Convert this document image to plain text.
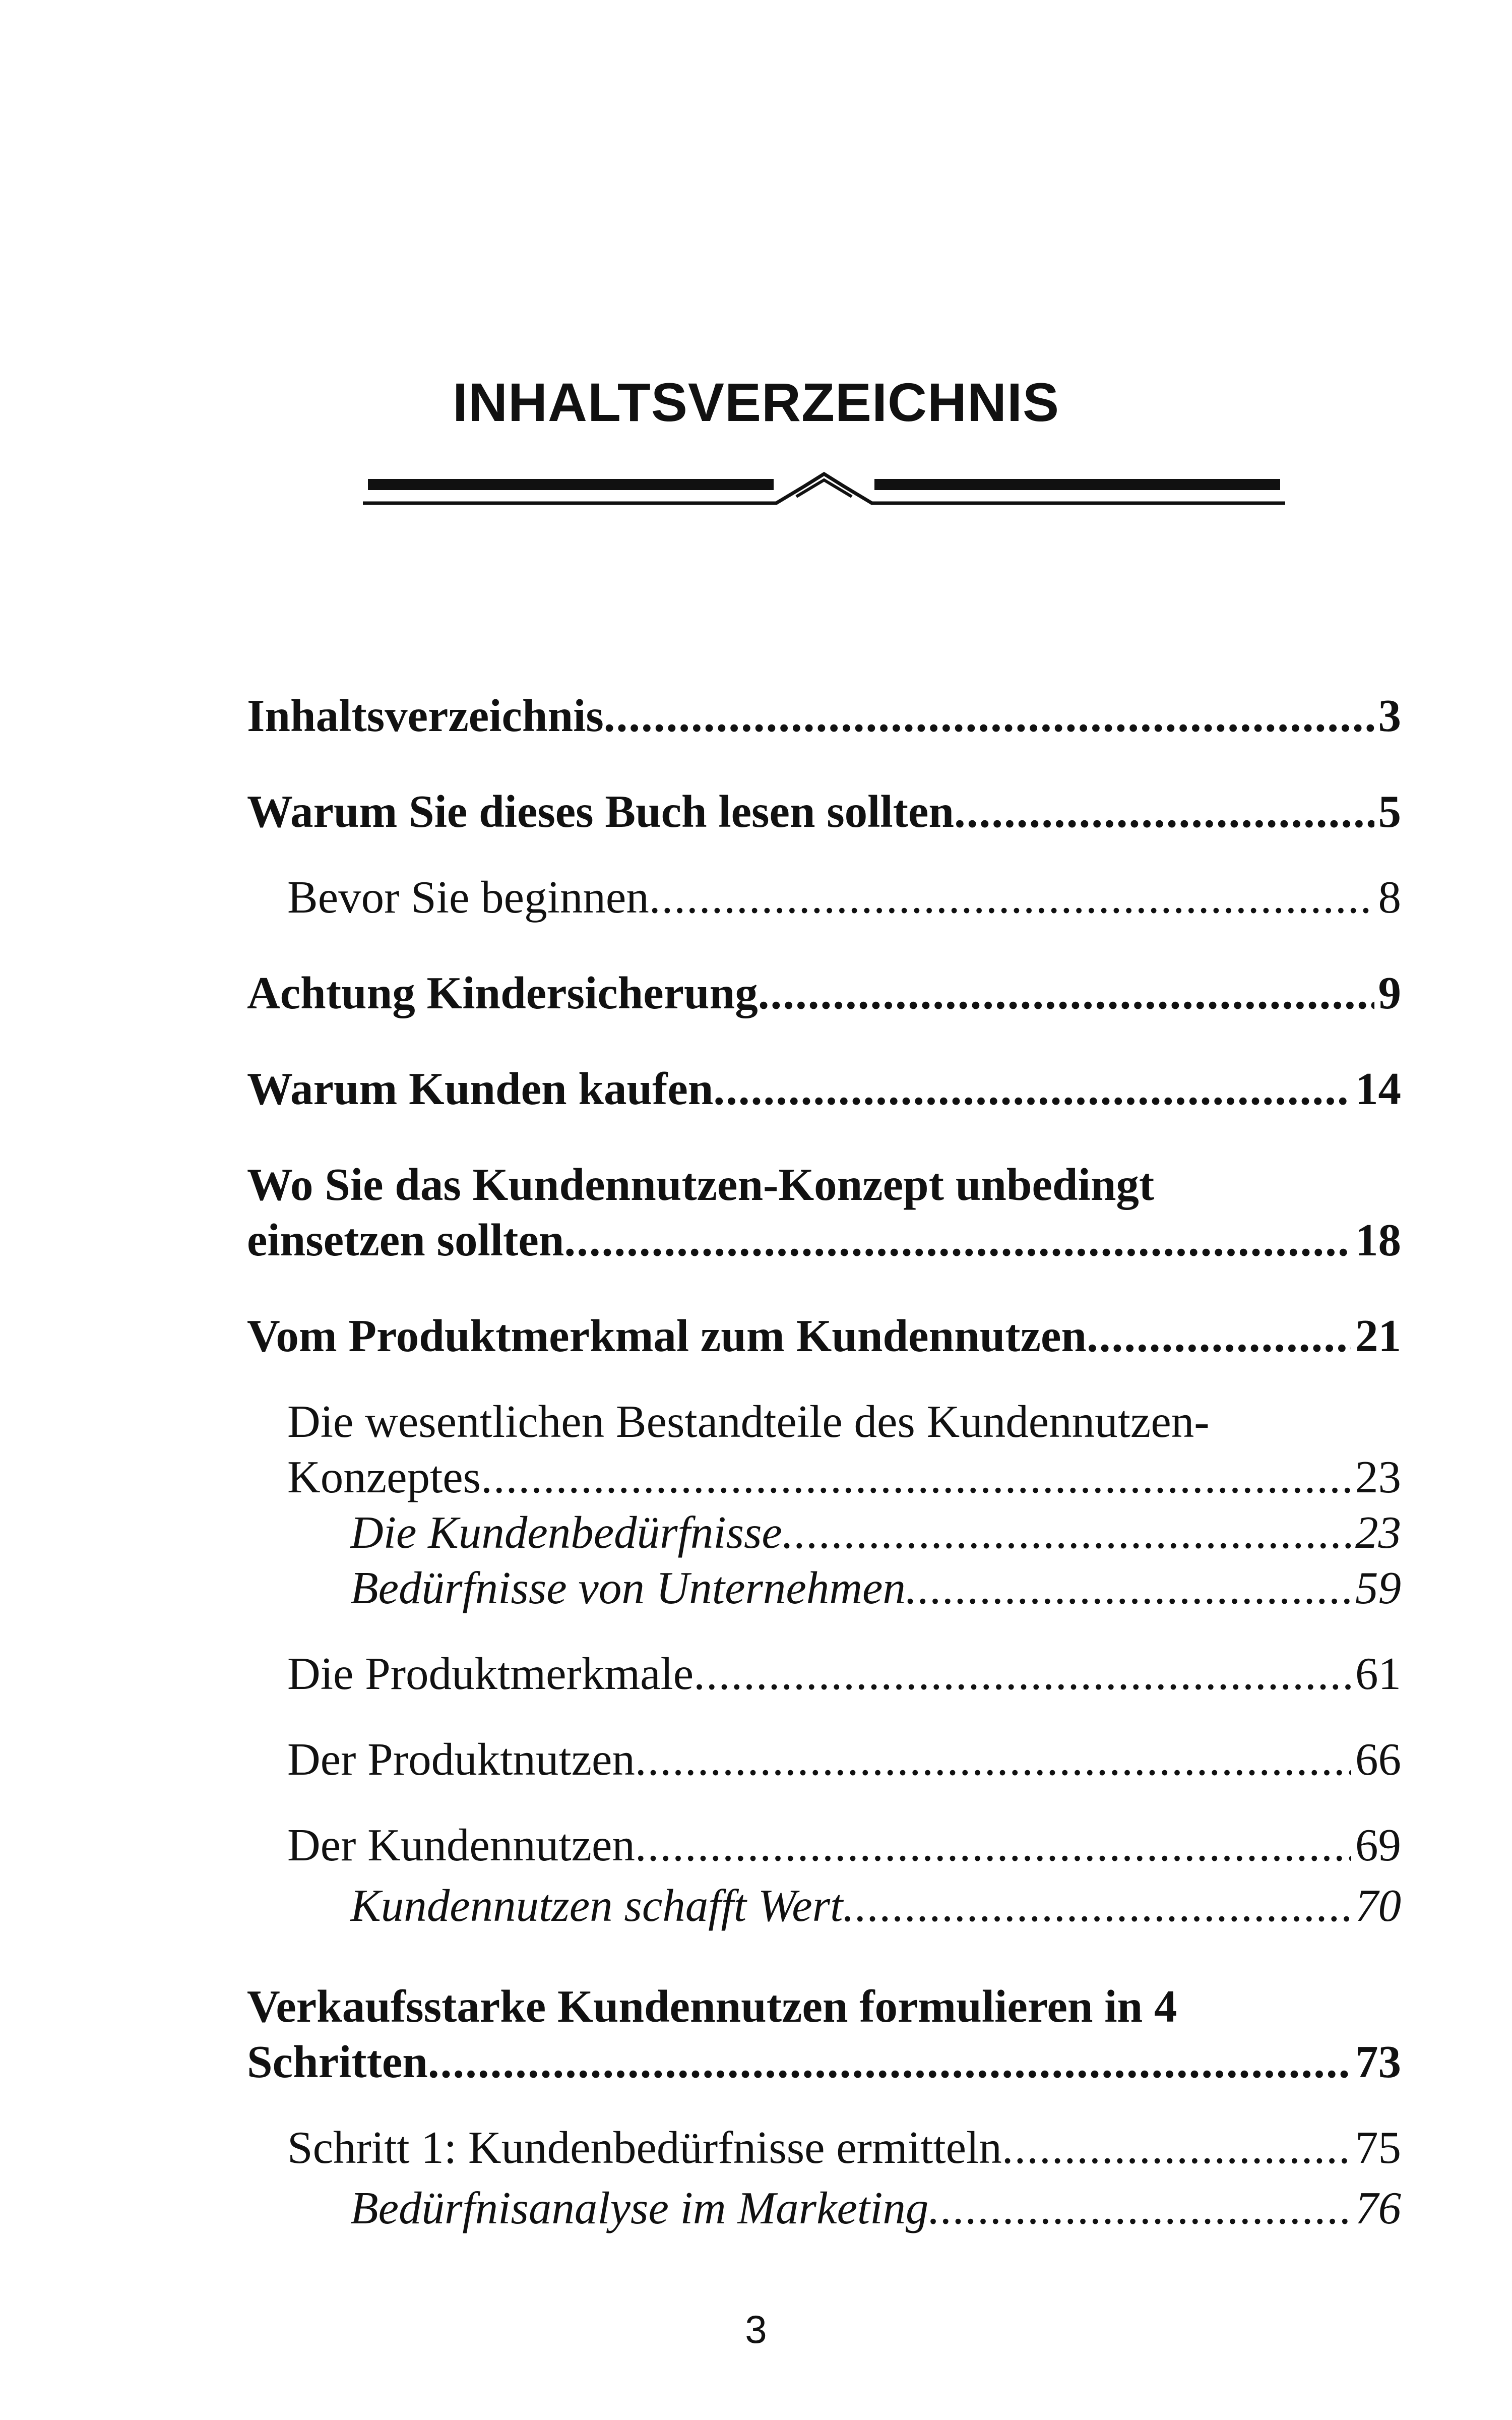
INHALTSVERZEICHNIS
Inhaltsverzeichnis .....	3
Warum Sie dieses Buch lesen sollten .....	5
Bevor Sie beginnen .....	8
Achtung Kindersicherung .....	9
Warum Kunden kaufen .....	14
Wo Sie das Kundennutzen-Konzept unbedingt
einsetzen sollten .....	18
Vom Produktmerkmal zum Kundennutzen .....	21
Die wesentlichen Bestandteile des Kundennutzen-
Konzeptes .....	23
Die Kundenbedürfnisse .....	23
Bedürfnisse von Unternehmen .....	59
Die Produktmerkmale .....	61
Der Produktnutzen .....	66
Der Kundennutzen .....	69
Kundennutzen schafft Wert .....	70
Verkaufsstarke Kundennutzen formulieren in 4
Schritten .....	73
Schritt 1: Kundenbedürfnisse ermitteln .....	75
Bedürfnisanalyse im Marketing .....	76
3
